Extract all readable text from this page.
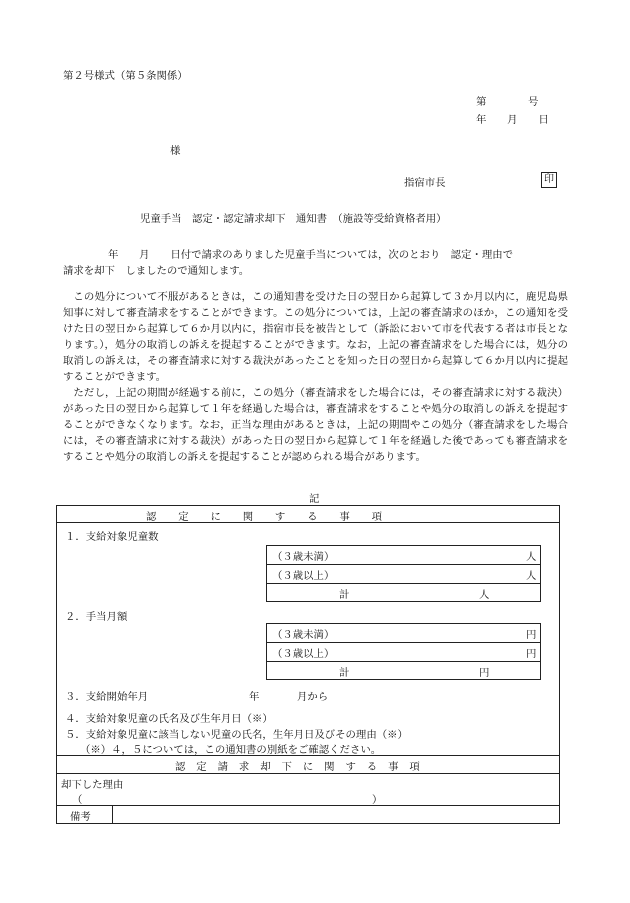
第２号様式（第５条関係）
第　　　　号
年　　月　　日
様
指宿市長	印
児童手当　認定・認定請求却下　通知書　（施設等受給資格者用）
年　　月　　日付で請求のありました児童手当については，次のとおり　認定・理由で
請求を却下　しましたので通知します。

この処分について不服があるときは，この通知書を受けた日の翌日から起算して３か月以内に，鹿児島県知事に対して審査請求をすることができます。この処分については，上記の審査請求のほか，この通知を受けた日の翌日から起算して６か月以内に，指宿市長を被告として（訴訟において市を代表する者は市長となります。），処分の取消しの訴えを提起することができます。なお，上記の審査請求をした場合には，処分の取消しの訴えは，その審査請求に対する裁決があったことを知った日の翌日から起算して６か月以内に提起することができます。

ただし，上記の期間が経過する前に，この処分（審査請求をした場合には，その審査請求に対する裁決）があった日の翌日から起算して１年を経過した場合は，審査請求をすることや処分の取消しの訴えを提起することができなくなります。なお，正当な理由があるときは，上記の期間やこの処分（審査請求をした場合には，その審査請求に対する裁決）があった日の翌日から起算して１年を経過した後であっても審査請求をすることや処分の取消しの訴えを提起することが認められる場合があります。

記
認定に関する事項
１．支給対象児童数
（３歳未満）	人
（３歳以上）	人
計	人
２．手当月額
（３歳未満）	円
（３歳以上）	円
計	円
３．支給開始年月	年	月から
４．支給対象児童の氏名及び生年月日（※）
５．支給対象児童に該当しない児童の氏名，生年月日及びその理由（※）
（※）４，５については，この通知書の別紙をご確認ください。
認定請求却下に関する事項
却下した理由
（	）
備考
